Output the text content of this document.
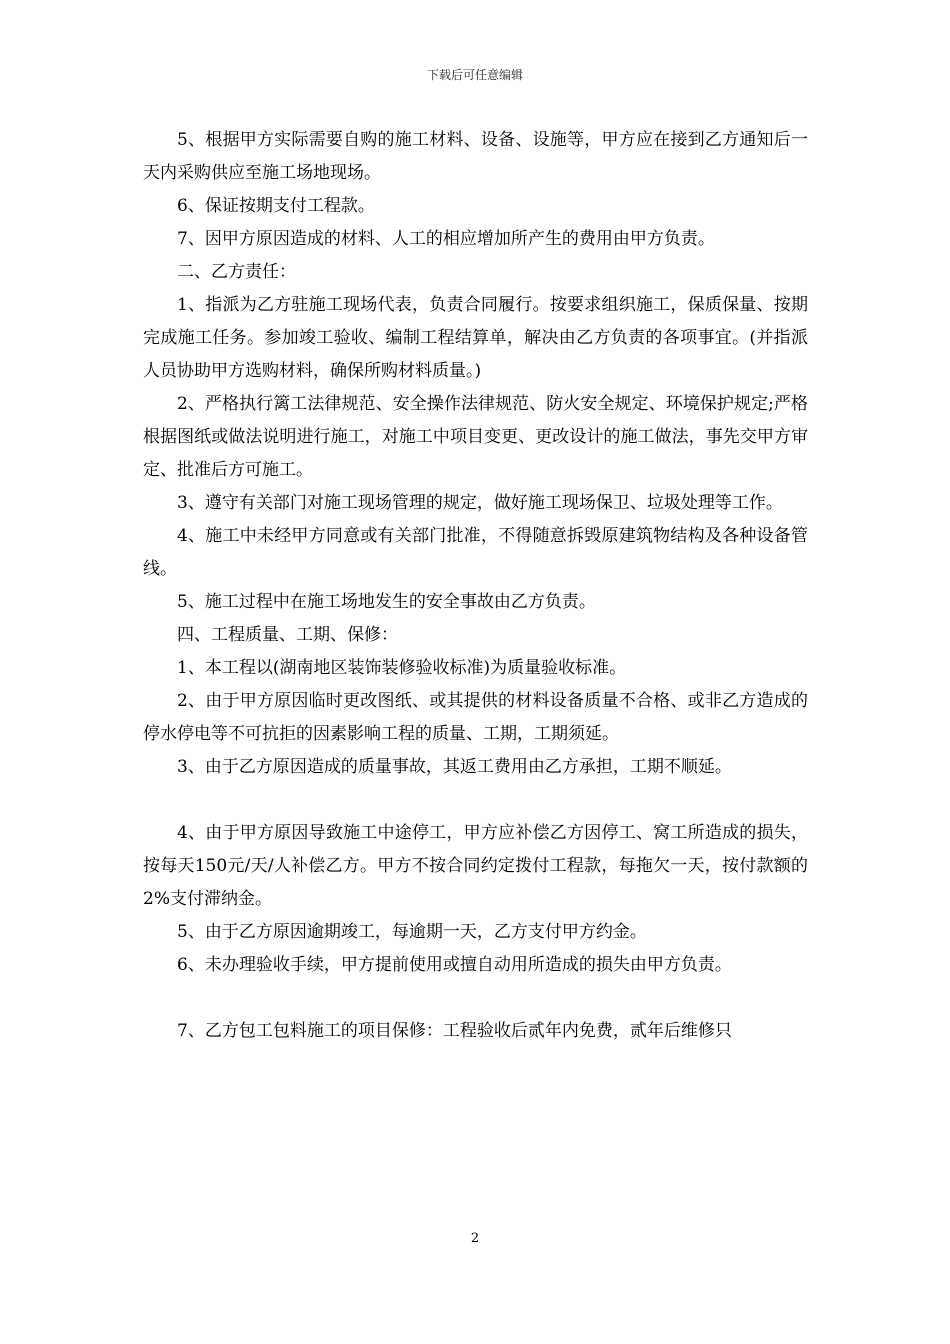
下载后可任意编辑

5、根据甲方实际需要自购的施工材料、设备、设施等，甲方应在接到乙方通知后一天内采购供应至施工场地现场。

6、保证按期支付工程款。

7、因甲方原因造成的材料、人工的相应增加所产生的费用由甲方负责。

二、乙方责任：

1、指派为乙方驻施工现场代表，负责合同履行。按要求组织施工，保质保量、按期完成施工任务。参加竣工验收、编制工程结算单，解决由乙方负责的各项事宜。(并指派人员协助甲方选购材料，确保所购材料质量。)

2、严格执行篱工法律规范、安全操作法律规范、防火安全规定、环境保护规定;严格根据图纸或做法说明进行施工，对施工中项目变更、更改设计的施工做法，事先交甲方审定、批准后方可施工。

3、遵守有关部门对施工现场管理的规定，做好施工现场保卫、垃圾处理等工作。

4、施工中未经甲方同意或有关部门批准，不得随意拆毁原建筑物结构及各种设备管线。

5、施工过程中在施工场地发生的安全事故由乙方负责。

四、工程质量、工期、保修：

1、本工程以(湖南地区装饰装修验收标准)为质量验收标准。

2、由于甲方原因临时更改图纸、或其提供的材料设备质量不合格、或非乙方造成的停水停电等不可抗拒的因素影响工程的质量、工期，工期须延。

3、由于乙方原因造成的质量事故，其返工费用由乙方承担，工期不顺延。

4、由于甲方原因导致施工中途停工，甲方应补偿乙方因停工、窝工所造成的损失，按每天150元/天/人补偿乙方。甲方不按合同约定拨付工程款，每拖欠一天，按付款额的2%支付滞纳金。

5、由于乙方原因逾期竣工，每逾期一天，乙方支付甲方约金。

6、未办理验收手续，甲方提前使用或擅自动用所造成的损失由甲方负责。

7、乙方包工包料施工的项目保修：工程验收后贰年内免费，贰年后维修只

2
